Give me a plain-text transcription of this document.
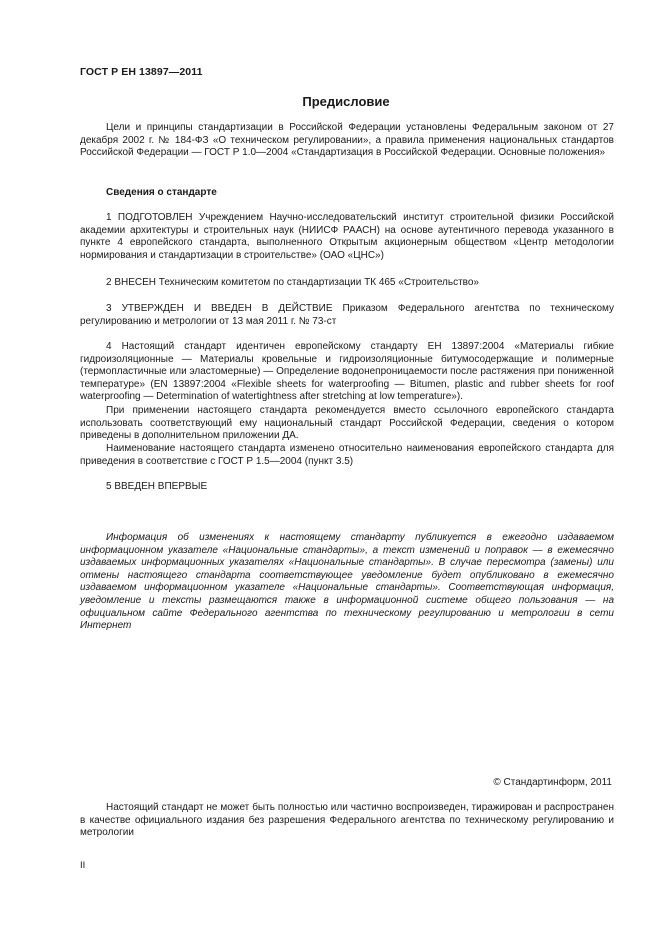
ГОСТ Р ЕН 13897—2011
Предисловие

Цели и принципы стандартизации в Российской Федерации установлены Федеральным законом от 27 декабря 2002 г. № 184-ФЗ «О техническом регулировании», а правила применения национальных стандартов Российской Федерации — ГОСТ Р 1.0—2004 «Стандартизация в Российской Федерации. Основные положения»

Сведения о стандарте

1 ПОДГОТОВЛЕН Учреждением Научно-исследовательский институт строительной физики Российской академии архитектуры и строительных наук (НИИСФ РААСН) на основе аутентичного перевода указанного в пункте 4 европейского стандарта, выполненного Открытым акционерным обществом «Центр методологии нормирования и стандартизации в строительстве» (ОАО «ЦНС»)

2 ВНЕСЕН Техническим комитетом по стандартизации ТК 465 «Строительство»

3 УТВЕРЖДЕН И ВВЕДЕН В ДЕЙСТВИЕ Приказом Федерального агентства по техническому регулированию и метрологии от 13 мая 2011 г. № 73-ст

4 Настоящий стандарт идентичен европейскому стандарту ЕН 13897:2004 «Материалы гибкие гидроизоляционные — Материалы кровельные и гидроизоляционные битумосодержащие и полимерные (термопластичные или эластомерные) — Определение водонепроницаемости после растяжения при пониженной температуре» (EN 13897:2004 «Flexible sheets for waterproofing — Bitumen, plastic and rubber sheets for roof waterproofing — Determination of watertightness after stretching at low temperature»).

При применении настоящего стандарта рекомендуется вместо ссылочного европейского стандарта использовать соответствующий ему национальный стандарт Российской Федерации, сведения о котором приведены в дополнительном приложении ДА.

Наименование настоящего стандарта изменено относительно наименования европейского стандарта для приведения в соответствие с ГОСТ Р 1.5—2004 (пункт 3.5)

5 ВВЕДЕН ВПЕРВЫЕ

Информация об изменениях к настоящему стандарту публикуется в ежегодно издаваемом информационном указателе «Национальные стандарты», а текст изменений и поправок — в ежемесячно издаваемых информационных указателях «Национальные стандарты». В случае пересмотра (замены) или отмены настоящего стандарта соответствующее уведомление будет опубликовано в ежемесячно издаваемом информационном указателе «Национальные стандарты». Соответствующая информация, уведомление и тексты размещаются также в информационной системе общего пользования — на официальном сайте Федерального агентства по техническому регулированию и метрологии в сети Интернет

© Стандартинформ, 2011

Настоящий стандарт не может быть полностью или частично воспроизведен, тиражирован и распространен в качестве официального издания без разрешения Федерального агентства по техническому регулированию и метрологии

II
